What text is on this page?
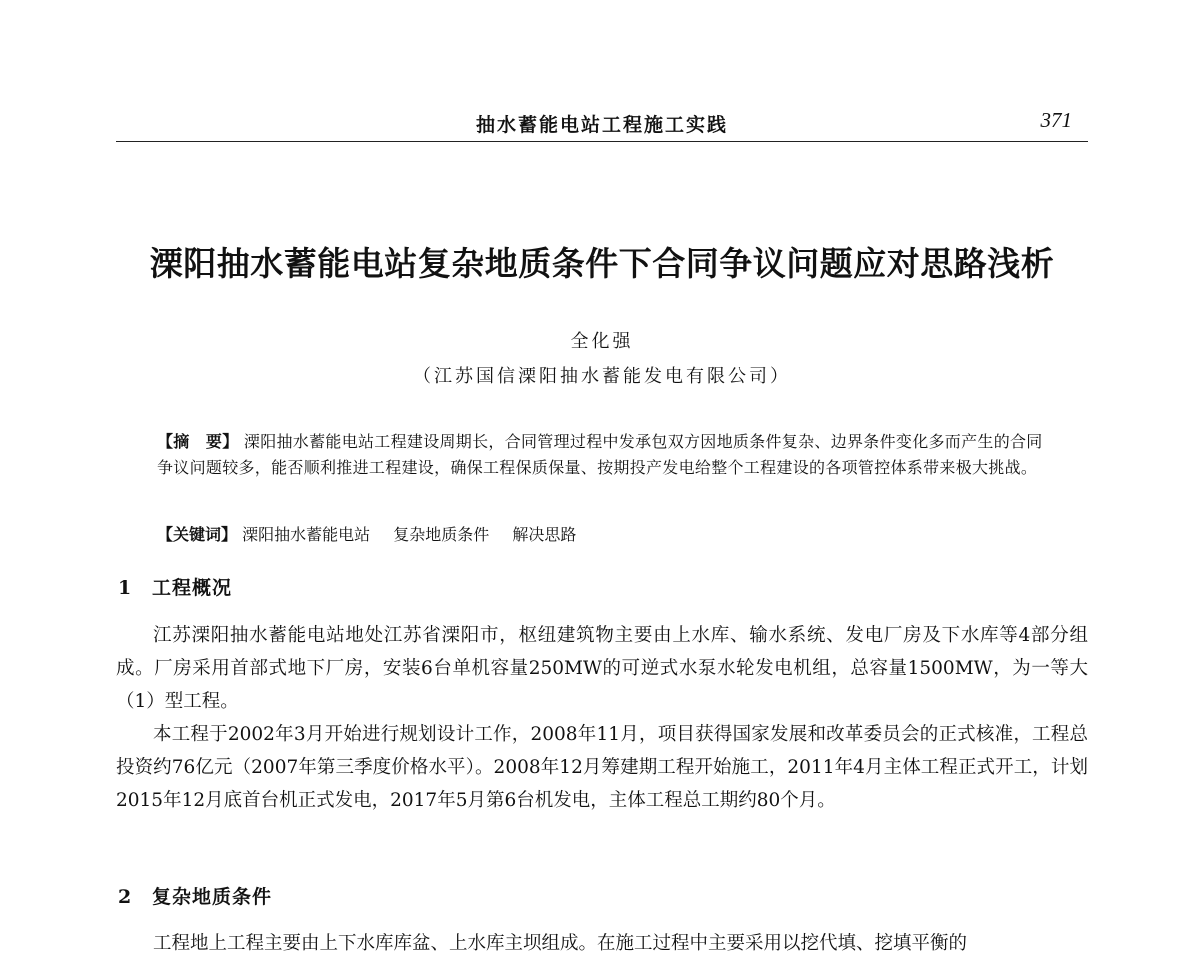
抽水蓄能电站工程施工实践	371
溧阳抽水蓄能电站复杂地质条件下合同争议问题应对思路浅析
全化强
（江苏国信溧阳抽水蓄能发电有限公司）
【摘　要】 溧阳抽水蓄能电站工程建设周期长，合同管理过程中发承包双方因地质条件复杂、边界条件变化多而产生的合同争议问题较多，能否顺利推进工程建设，确保工程保质保量、按期投产发电给整个工程建设的各项管控体系带来极大挑战。
【关键词】 溧阳抽水蓄能电站 复杂地质条件 解决思路
1 工程概况
江苏溧阳抽水蓄能电站地处江苏省溧阳市，枢纽建筑物主要由上水库、输水系统、发电厂房及下水库等4部分组成。厂房采用首部式地下厂房，安装6台单机容量250MW的可逆式水泵水轮发电机组，总容量1500MW，为一等大（1）型工程。
本工程于2002年3月开始进行规划设计工作，2008年11月，项目获得国家发展和改革委员会的正式核准，工程总投资约76亿元（2007年第三季度价格水平）。2008年12月筹建期工程开始施工，2011年4月主体工程正式开工，计划2015年12月底首台机正式发电，2017年5月第6台机发电，主体工程总工期约80个月。
2 复杂地质条件
工程地上工程主要由上下水库库盆、上水库主坝组成。在施工过程中主要采用以挖代填、挖填平衡的
